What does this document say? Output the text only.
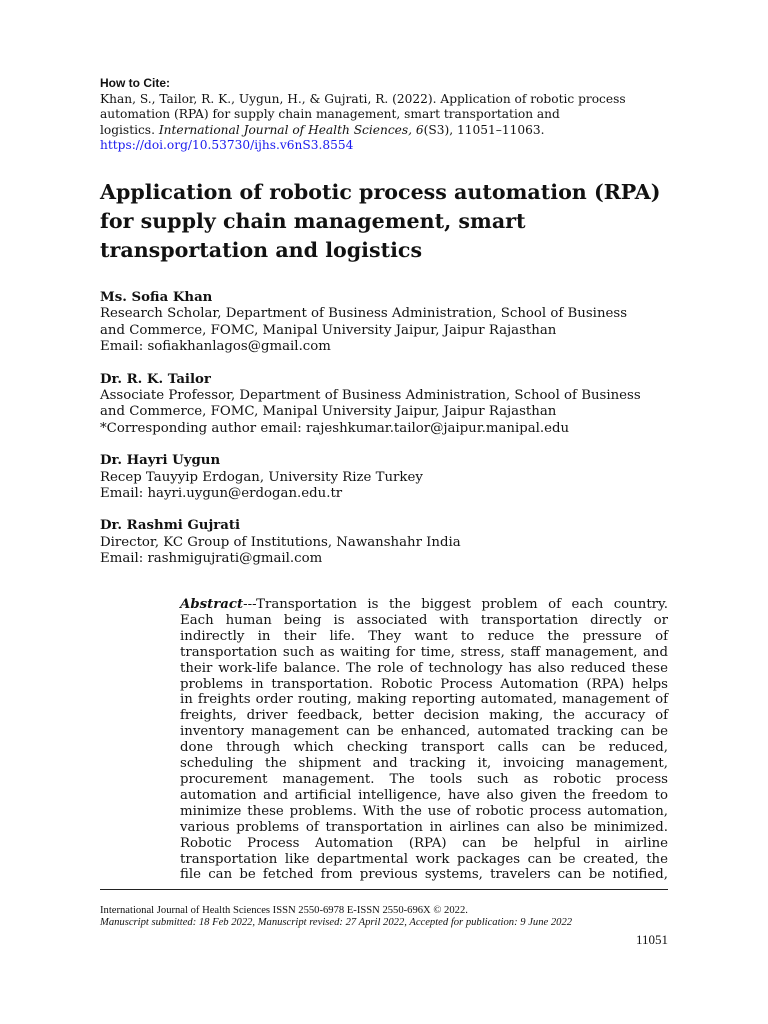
How to Cite:
Khan, S., Tailor, R. K., Uygun, H., & Gujrati, R. (2022). Application of robotic process
automation (RPA) for supply chain management, smart transportation and
logistics. International Journal of Health Sciences, 6(S3), 11051–11063.
https://doi.org/10.53730/ijhs.v6nS3.8554
Application of robotic process automation (RPA)
for supply chain management, smart
transportation and logistics
Ms. Sofia Khan
Research Scholar, Department of Business Administration, School of Business
and Commerce, FOMC, Manipal University Jaipur, Jaipur Rajasthan
Email: sofiakhanlagos@gmail.com
Dr. R. K. Tailor
Associate Professor, Department of Business Administration, School of Business
and Commerce, FOMC, Manipal University Jaipur, Jaipur Rajasthan
*Corresponding author email: rajeshkumar.tailor@jaipur.manipal.edu
Dr. Hayri Uygun
Recep Tauyyip Erdogan, University Rize Turkey
Email: hayri.uygun@erdogan.edu.tr
Dr. Rashmi Gujrati
Director, KC Group of Institutions, Nawanshahr India
Email: rashmigujrati@gmail.com
Abstract---Transportation is the biggest problem of each country.
Each human being is associated with transportation directly or
indirectly in their life. They want to reduce the pressure of
transportation such as waiting for time, stress, staff management, and
their work-life balance. The role of technology has also reduced these
problems in transportation. Robotic Process Automation (RPA) helps
in freights order routing, making reporting automated, management of
freights, driver feedback, better decision making, the accuracy of
inventory management can be enhanced, automated tracking can be
done through which checking transport calls can be reduced,
scheduling the shipment and tracking it, invoicing management,
procurement management. The tools such as robotic process
automation and artificial intelligence, have also given the freedom to
minimize these problems. With the use of robotic process automation,
various problems of transportation in airlines can also be minimized.
Robotic Process Automation (RPA) can be helpful in airline
transportation like departmental work packages can be created, the
file can be fetched from previous systems, travelers can be notified,
International Journal of Health Sciences ISSN 2550-6978 E-ISSN 2550-696X © 2022.
Manuscript submitted: 18 Feb 2022, Manuscript revised: 27 April 2022, Accepted for publication: 9 June 2022
11051
